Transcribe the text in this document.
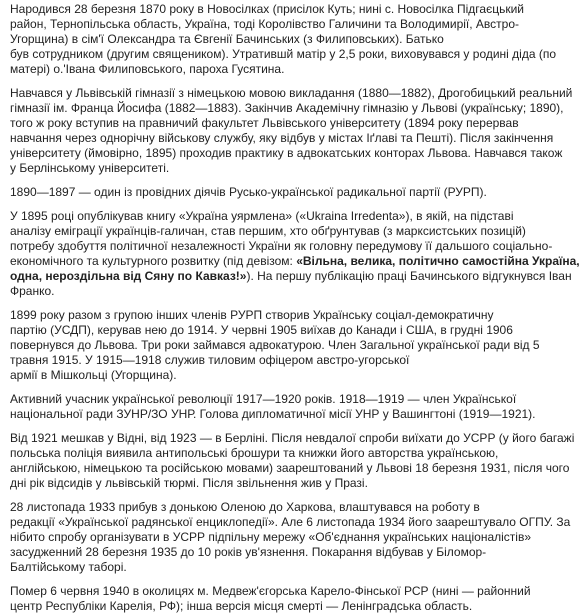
Народився 28 березня 1870 року в Новосілках (присілок Куть; нині с. Новосілка Підгаєцький
район, Тернопільська область, Україна, тоді Королівство Галичини та Володимирії, Австро-
Угорщина) в сім'ї Олександра та Євгенії Бачинських (з Филиповських). Батько
був сотрудником (другим священиком). Утратившй матір у 2,5 роки, виховувався у родині діда (по
матері) о.'Івана Филиповського, пароха Гусятина.

Навчався у Львівській гімназії з німецькою мовою викладання (1880—1882), Дрогобицький реальний
гімназії ім. Франца Йосифа (1882—1883). Закінчив Академічну гімназію у Львові (українську; 1890),
того ж року вступив на правничий факультет Львівського університету (1894 року перервав
навчання через однорічну військову службу, яку відбув у містах Іґлаві та Пешті). Після закінчення
університету (ймовірно, 1895) проходив практику в адвокатських конторах Львова. Навчався також
у Берлінському університеті.

1890—1897 — один із провідних діячів Русько-української радикальної партії (РУРП).

У 1895 році опублікував книгу «Україна уярмлена» («Ukraina Irredenta»), в якій, на підставі
аналізу еміграції українців-галичан, став першим, хто обґрунтував (з марксистських позицій)
потребу здобуття політичної незалежності України як головну передумову її дальшого соціально-
економічного та культурного розвитку (під девізом: «Вільна, велика, політично самостійна Україна,
одна, нероздільна від Сяну по Кавказ!»). На першу публікацію праці Бачинського відгукнувся Іван
Франко.

1899 року разом з групою інших членів РУРП створив Українську соціал-демократичну
партію (УСДП), керував нею до 1914. У червні 1905 виїхав до Канади і США, в грудні 1906
повернувся до Львова. Три роки займався адвокатурою. Член Загальної української ради від 5
травня 1915. У 1915—1918 служив тиловим офіцером австро-угорської
армії в Мішкольці (Угорщина).

Активний учасник української революції 1917—1920 років. 1918—1919 — член Української
національної ради ЗУНР/ЗО УНР. Голова дипломатичної місії УНР у Вашингтоні (1919—1921).

Від 1921 мешкав у Відні, від 1923 — в Берліні. Після невдалої спроби виїхати до УСРР (у його багажі
польська поліція виявила антипольські брошури та книжки його авторства українською,
англійською, німецькою та російською мовами) заарештований у Львові 18 березня 1931, після чого
дні рік відсидів у львівській тюрмі. Після звільнення жив у Празі.

28 листопада 1933 прибув з донькою Оленою до Харкова, влаштувався на роботу в
редакції «Української радянської енциклопедії». Але 6 листопада 1934 його заарештувало ОГПУ. За
нібито спробу організувати в УСРР підпільну мережу «Об'єднання українських націоналістів»
засудженний 28 березня 1935 до 10 років ув'язнення. Покарання відбував у Біломор-
Балтійському таборі.

Помер 6 червня 1940 в околицях м. Медвеж'єгорська Карело-Фінської РСР (нині — районний
центр Республіки Карелія, РФ); інша версія місця смерті — Ленінградська область.
